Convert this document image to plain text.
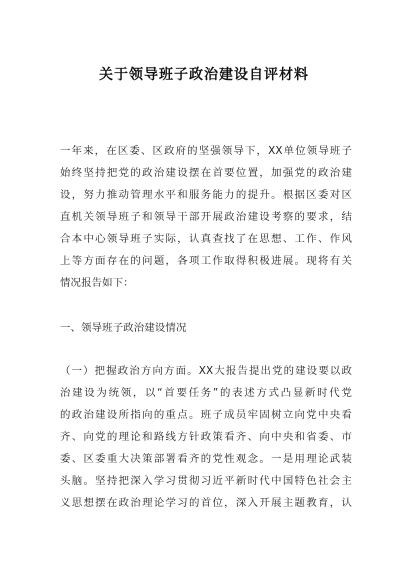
关于领导班子政治建设自评材料
一年来，在区委、区政府的坚强领导下，XX单位领导班子
始终坚持把党的政治建设摆在首要位置，加强党的政治建
设，努力推动管理水平和服务能力的提升。根据区委对区
直机关领导班子和领导干部开展政治建设考察的要求，结
合本中心领导班子实际，认真查找了在思想、工作、作风
上等方面存在的问题，各项工作取得积极进展。现将有关
情况报告如下：
一、领导班子政治建设情况
（一）把握政治方向方面。XX大报告提出党的建设要以政
治建设为统领，以“首要任务”的表述方式凸显新时代党
的政治建设所指向的重点。班子成员牢固树立向党中央看
齐、向党的理论和路线方针政策看齐、向中央和省委、市
委、区委重大决策部署看齐的党性观念。一是用理论武装
头脑。坚持把深入学习贯彻习近平新时代中国特色社会主
义思想摆在政治理论学习的首位，深入开展主题教育，认
